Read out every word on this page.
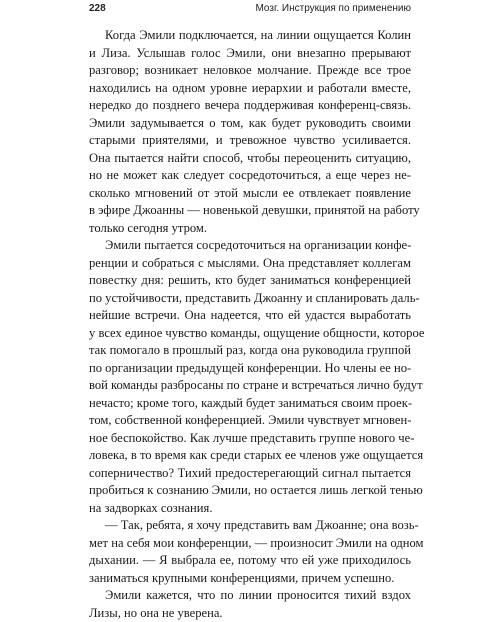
228	Мозг. Инструкция по применению
Когда Эмили подключается, на линии ощущается Колин
и Лиза. Услышав голос Эмили, они внезапно прерывают
разговор; возникает неловкое молчание. Прежде все трое
находились на одном уровне иерархии и работали вместе,
нередко до позднего вечера поддерживая конференц-связь.
Эмили задумывается о том, как будет руководить своими
старыми приятелями, и тревожное чувство усиливается.
Она пытается найти способ, чтобы переоценить ситуацию,
но не может как следует сосредоточиться, а еще через не-
сколько мгновений от этой мысли ее отвлекает появление
в эфире Джоанны — новенькой девушки, принятой на работу
только сегодня утром.
Эмили пытается сосредоточиться на организации конфе-
ренции и собраться с мыслями. Она представляет коллегам
повестку дня: решить, кто будет заниматься конференцией
по устойчивости, представить Джоанну и спланировать даль-
нейшие встречи. Она надеется, что ей удастся выработать
у всех единое чувство команды, ощущение общности, которое
так помогало в прошлый раз, когда она руководила группой
по организации предыдущей конференции. Но члены ее но-
вой команды разбросаны по стране и встречаться лично будут
нечасто; кроме того, каждый будет заниматься своим проек-
том, собственной конференцией. Эмили чувствует мгновен-
ное беспокойство. Как лучше представить группе нового че-
ловека, в то время как среди старых ее членов уже ощущается
соперничество? Тихий предостерегающий сигнал пытается
пробиться к сознанию Эмили, но остается лишь легкой тенью
на задворках сознания.
— Так, ребята, я хочу представить вам Джоанне; она возь-
мет на себя мои конференции, — произносит Эмили на одном
дыхании. — Я выбрала ее, потому что ей уже приходилось
заниматься крупными конференциями, причем успешно.
Эмили кажется, что по линии проносится тихий вздох
Лизы, но она не уверена.
